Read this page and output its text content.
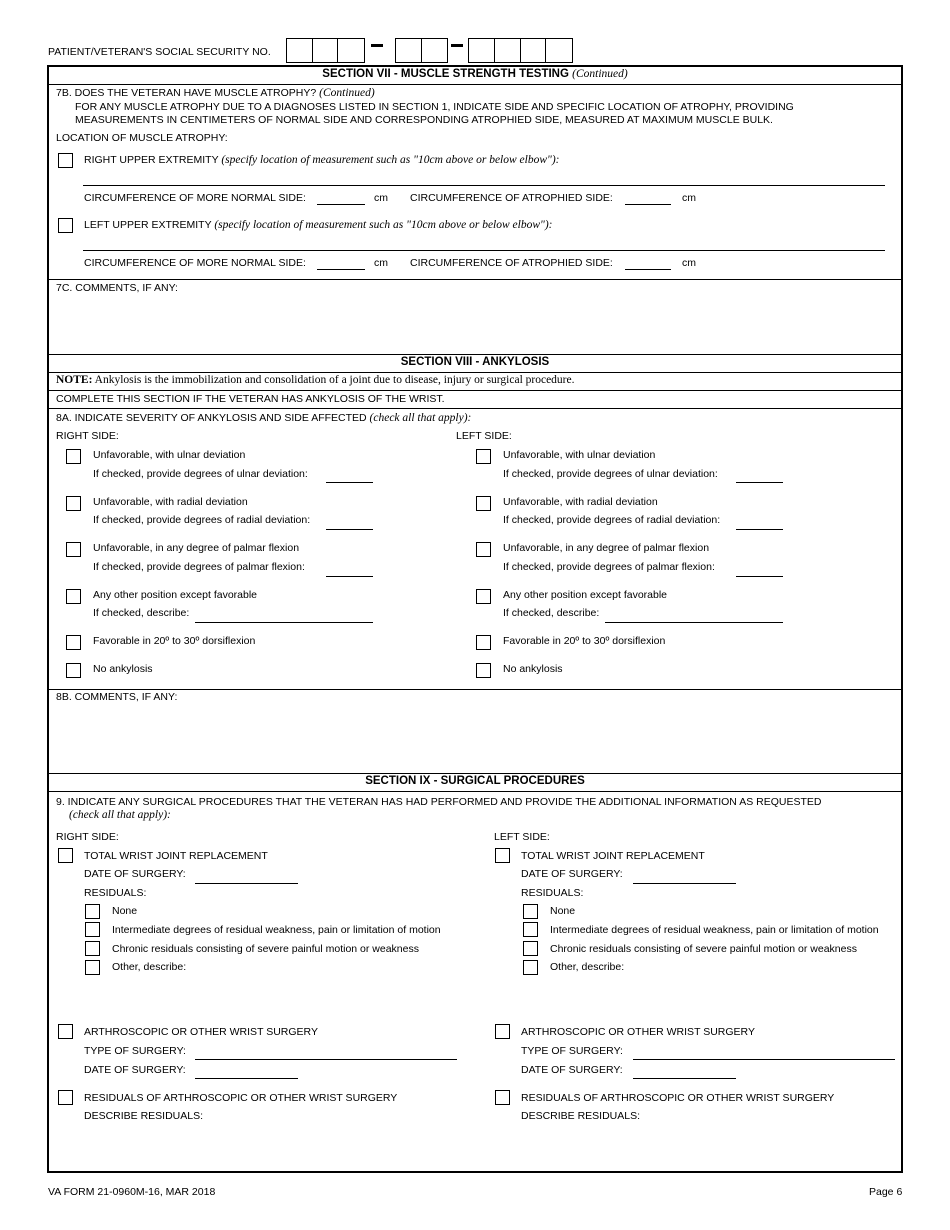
PATIENT/VETERAN'S SOCIAL SECURITY NO.
SECTION VII - MUSCLE STRENGTH TESTING (Continued)
7B. DOES THE VETERAN HAVE MUSCLE ATROPHY? (Continued)
FOR ANY MUSCLE ATROPHY DUE TO A DIAGNOSES LISTED IN SECTION 1, INDICATE SIDE AND SPECIFIC LOCATION OF ATROPHY, PROVIDING
MEASUREMENTS IN CENTIMETERS OF NORMAL SIDE AND CORRESPONDING ATROPHIED SIDE, MEASURED AT MAXIMUM MUSCLE BULK.
LOCATION OF MUSCLE ATROPHY:
RIGHT UPPER EXTREMITY (specify location of measurement such as "10cm above or below elbow"):
CIRCUMFERENCE OF MORE NORMAL SIDE:	cm CIRCUMFERENCE OF ATROPHIED SIDE:	cm
LEFT UPPER EXTREMITY (specify location of measurement such as "10cm above or below elbow"):
CIRCUMFERENCE OF MORE NORMAL SIDE:	cm CIRCUMFERENCE OF ATROPHIED SIDE:	cm
7C. COMMENTS, IF ANY:
SECTION VIII - ANKYLOSIS
NOTE: Ankylosis is the immobilization and consolidation of a joint due to disease, injury or surgical procedure.
COMPLETE THIS SECTION IF THE VETERAN HAS ANKYLOSIS OF THE WRIST.
8A. INDICATE SEVERITY OF ANKYLOSIS AND SIDE AFFECTED (check all that apply):
RIGHT SIDE:	LEFT SIDE:
Unfavorable, with ulnar deviation
If checked, provide degrees of ulnar deviation:
Unfavorable, with radial deviation
If checked, provide degrees of radial deviation:
Unfavorable, in any degree of palmar flexion
If checked, provide degrees of palmar flexion:
Any other position except favorable
If checked, describe:
Favorable in 20º to 30º dorsiflexion
No ankylosis
Unfavorable, with ulnar deviation
If checked, provide degrees of ulnar deviation:
Unfavorable, with radial deviation
If checked, provide degrees of radial deviation:
Unfavorable, in any degree of palmar flexion
If checked, provide degrees of palmar flexion:
Any other position except favorable
If checked, describe:
Favorable in 20º to 30º dorsiflexion
No ankylosis
8B. COMMENTS, IF ANY:
SECTION IX - SURGICAL PROCEDURES
9. INDICATE ANY SURGICAL PROCEDURES THAT THE VETERAN HAS HAD PERFORMED AND PROVIDE THE ADDITIONAL INFORMATION AS REQUESTED
(check all that apply):
RIGHT SIDE:	LEFT SIDE:
TOTAL WRIST JOINT REPLACEMENT
DATE OF SURGERY:
RESIDUALS:
None
Intermediate degrees of residual weakness, pain or limitation of motion
Chronic residuals consisting of severe painful motion or weakness
Other, describe:
ARTHROSCOPIC OR OTHER WRIST SURGERY
TYPE OF SURGERY:
DATE OF SURGERY:
RESIDUALS OF ARTHROSCOPIC OR OTHER WRIST SURGERY
DESCRIBE RESIDUALS:
TOTAL WRIST JOINT REPLACEMENT
DATE OF SURGERY:
RESIDUALS:
None
Intermediate degrees of residual weakness, pain or limitation of motion
Chronic residuals consisting of severe painful motion or weakness
Other, describe:
ARTHROSCOPIC OR OTHER WRIST SURGERY
TYPE OF SURGERY:
DATE OF SURGERY:
RESIDUALS OF ARTHROSCOPIC OR OTHER WRIST SURGERY
DESCRIBE RESIDUALS:
VA FORM 21-0960M-16, MAR 2018	Page 6
